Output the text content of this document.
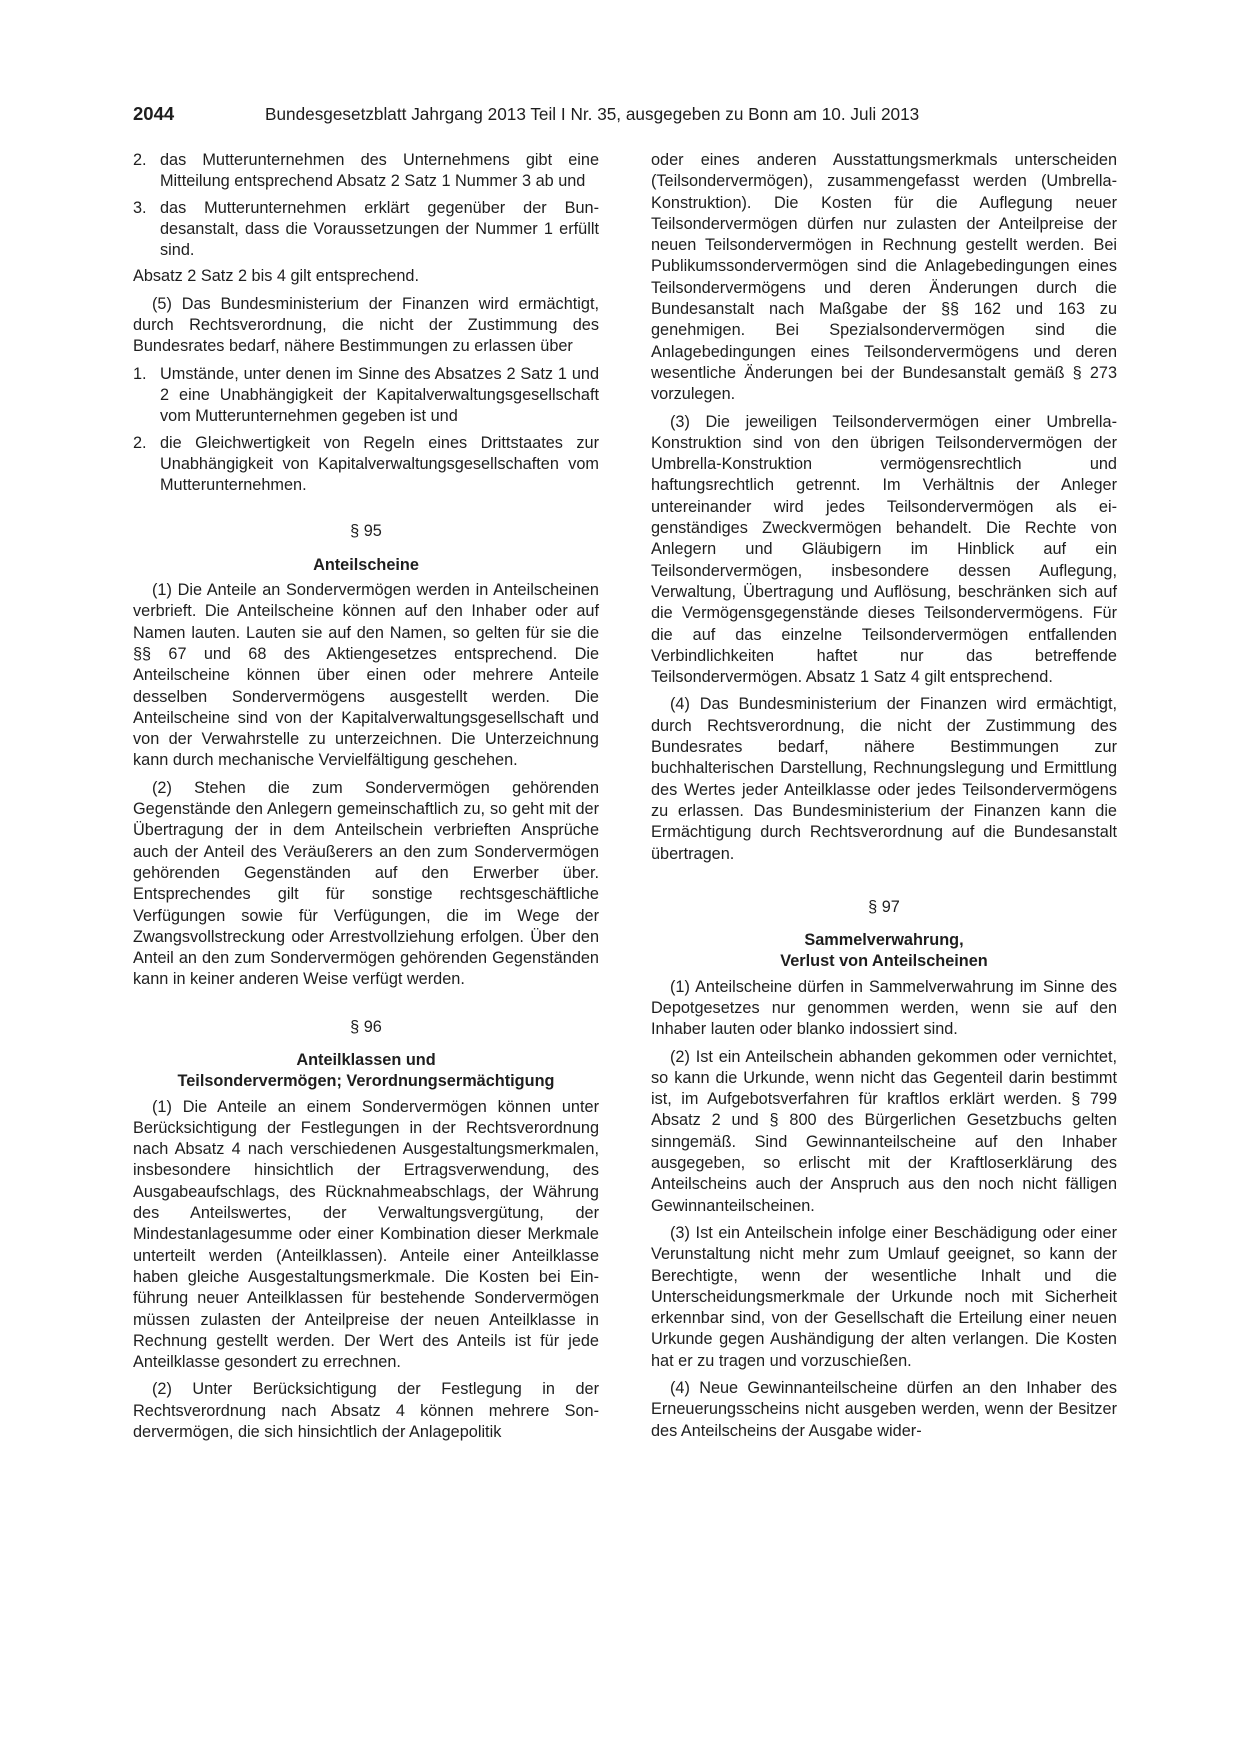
2044	Bundesgesetzblatt Jahrgang 2013 Teil I Nr. 35, ausgegeben zu Bonn am 10. Juli 2013
2. das Mutterunternehmen des Unternehmens gibt eine Mitteilung entsprechend Absatz 2 Satz 1 Nummer 3 ab und
3. das Mutterunternehmen erklärt gegenüber der Bundesanstalt, dass die Voraussetzungen der Nummer 1 erfüllt sind.

Absatz 2 Satz 2 bis 4 gilt entsprechend.

(5) Das Bundesministerium der Finanzen wird ermächtigt, durch Rechtsverordnung, die nicht der Zustimmung des Bundesrates bedarf, nähere Bestimmungen zu erlassen über

1. Umstände, unter denen im Sinne des Absatzes 2 Satz 1 und 2 eine Unabhängigkeit der Kapitalverwaltungsgesellschaft vom Mutterunternehmen gegeben ist und
2. die Gleichwertigkeit von Regeln eines Drittstaates zur Unabhängigkeit von Kapitalverwaltungsgesellschaften vom Mutterunternehmen.
§ 95
Anteilscheine

(1) Die Anteile an Sondervermögen werden in Anteilscheinen verbrieft. Die Anteilscheine können auf den Inhaber oder auf Namen lauten. Lauten sie auf den Namen, so gelten für sie die §§ 67 und 68 des Aktiengesetzes entsprechend. Die Anteilscheine können über einen oder mehrere Anteile desselben Sondervermögens ausgestellt werden. Die Anteilscheine sind von der Kapitalverwaltungsgesellschaft und von der Verwahrstelle zu unterzeichnen. Die Unterzeichnung kann durch mechanische Vervielfältigung geschehen.

(2) Stehen die zum Sondervermögen gehörenden Gegenstände den Anlegern gemeinschaftlich zu, so geht mit der Übertragung der in dem Anteilschein verbrieften Ansprüche auch der Anteil des Veräußerers an den zum Sondervermögen gehörenden Gegenständen auf den Erwerber über. Entsprechendes gilt für sonstige rechtsgeschäftliche Verfügungen sowie für Verfügungen, die im Wege der Zwangsvollstreckung oder Arrestvollziehung erfolgen. Über den Anteil an den zum Sondervermögen gehörenden Gegenständen kann in keiner anderen Weise verfügt werden.

§ 96
Anteilklassen und
Teilsondervermögen; Verordnungsermächtigung

(1) Die Anteile an einem Sondervermögen können unter Berücksichtigung der Festlegungen in der Rechtsverordnung nach Absatz 4 nach verschiedenen Ausgestaltungsmerkmalen, insbesondere hinsichtlich der Ertragsverwendung, des Ausgabeaufschlags, des Rücknahmeabschlags, der Währung des Anteilswertes, der Verwaltungsvergütung, der Mindestanlagesumme oder einer Kombination dieser Merkmale unterteilt werden (Anteilklassen). Anteile einer Anteilklasse haben gleiche Ausgestaltungsmerkmale. Die Kosten bei Einführung neuer Anteilklassen für bestehende Sondervermögen müssen zulasten der Anteilpreise der neuen Anteilklasse in Rechnung gestellt werden. Der Wert des Anteils ist für jede Anteilklasse gesondert zu errechnen.

(2) Unter Berücksichtigung der Festlegung in der Rechtsverordnung nach Absatz 4 können mehrere Sondervermögen, die sich hinsichtlich der Anlagepolitik

oder eines anderen Ausstattungsmerkmals unterscheiden (Teilsondervermögen), zusammengefasst werden (Umbrella-Konstruktion). Die Kosten für die Auflegung neuer Teilsondervermögen dürfen nur zulasten der Anteilpreise der neuen Teilsondervermögen in Rechnung gestellt werden. Bei Publikumssondervermögen sind die Anlagebedingungen eines Teilsondervermögens und deren Änderungen durch die Bundesanstalt nach Maßgabe der §§ 162 und 163 zu genehmigen. Bei Spezialsondervermögen sind die Anlagebedingungen eines Teilsondervermögens und deren wesentliche Änderungen bei der Bundesanstalt gemäß § 273 vorzulegen.

(3) Die jeweiligen Teilsondervermögen einer Umbrella-Konstruktion sind von den übrigen Teilsondervermögen der Umbrella-Konstruktion vermögensrechtlich und haftungsrechtlich getrennt. Im Verhältnis der Anleger untereinander wird jedes Teilsondervermögen als eigenständiges Zweckvermögen behandelt. Die Rechte von Anlegern und Gläubigern im Hinblick auf ein Teilsondervermögen, insbesondere dessen Auflegung, Verwaltung, Übertragung und Auflösung, beschränken sich auf die Vermögensgegenstände dieses Teilsondervermögens. Für die auf das einzelne Teilsondervermögen entfallenden Verbindlichkeiten haftet nur das betreffende Teilsondervermögen. Absatz 1 Satz 4 gilt entsprechend.

(4) Das Bundesministerium der Finanzen wird ermächtigt, durch Rechtsverordnung, die nicht der Zustimmung des Bundesrates bedarf, nähere Bestimmungen zur buchhalterischen Darstellung, Rechnungslegung und Ermittlung des Wertes jeder Anteilklasse oder jedes Teilsondervermögens zu erlassen. Das Bundesministerium der Finanzen kann die Ermächtigung durch Rechtsverordnung auf die Bundesanstalt übertragen.

§ 97
Sammelverwahrung,
Verlust von Anteilscheinen

(1) Anteilscheine dürfen in Sammelverwahrung im Sinne des Depotgesetzes nur genommen werden, wenn sie auf den Inhaber lauten oder blanko indossiert sind.

(2) Ist ein Anteilschein abhanden gekommen oder vernichtet, so kann die Urkunde, wenn nicht das Gegenteil darin bestimmt ist, im Aufgebotsverfahren für kraftlos erklärt werden. § 799 Absatz 2 und § 800 des Bürgerlichen Gesetzbuchs gelten sinngemäß. Sind Gewinnanteilscheine auf den Inhaber ausgegeben, so erlischt mit der Kraftloserklärung des Anteilscheins auch der Anspruch aus den noch nicht fälligen Gewinnanteilscheinen.

(3) Ist ein Anteilschein infolge einer Beschädigung oder einer Verunstaltung nicht mehr zum Umlauf geeignet, so kann der Berechtigte, wenn der wesentliche Inhalt und die Unterscheidungsmerkmale der Urkunde noch mit Sicherheit erkennbar sind, von der Gesellschaft die Erteilung einer neuen Urkunde gegen Aushändigung der alten verlangen. Die Kosten hat er zu tragen und vorzuschießen.

(4) Neue Gewinnanteilscheine dürfen an den Inhaber des Erneuerungsscheins nicht ausgeben werden, wenn der Besitzer des Anteilscheins der Ausgabe wider-
